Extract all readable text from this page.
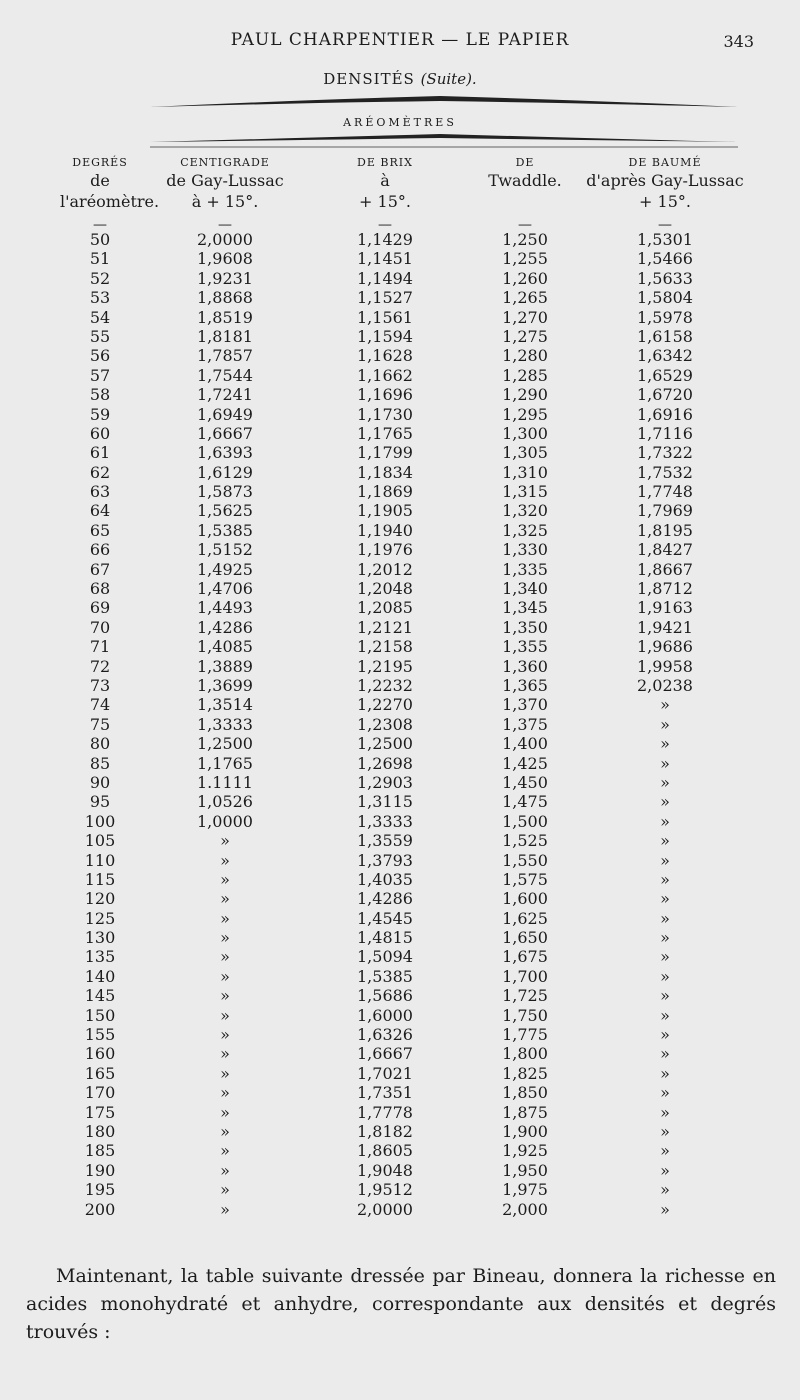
PAUL CHARPENTIER — LE PAPIER	343
DENSITÉS (Suite).
ARÉOMÈTRES
DEGRÉS
de
l'aréomètre.
CENTIGRADE
de Gay-Lussac
à + 15°.
DE BRIX
à
+ 15°.
DE
Twaddle.
DE BAUMÉ
d'après Gay-Lussac
+ 15°.
—	—	—	—	—
50	2,0000	1,1429	1,250	1,5301
51	1,9608	1,1451	1,255	1,5466
52	1,9231	1,1494	1,260	1,5633
53	1,8868	1,1527	1,265	1,5804
54	1,8519	1,1561	1,270	1,5978
55	1,8181	1,1594	1,275	1,6158
56	1,7857	1,1628	1,280	1,6342
57	1,7544	1,1662	1,285	1,6529
58	1,7241	1,1696	1,290	1,6720
59	1,6949	1,1730	1,295	1,6916
60	1,6667	1,1765	1,300	1,7116
61	1,6393	1,1799	1,305	1,7322
62	1,6129	1,1834	1,310	1,7532
63	1,5873	1,1869	1,315	1,7748
64	1,5625	1,1905	1,320	1,7969
65	1,5385	1,1940	1,325	1,8195
66	1,5152	1,1976	1,330	1,8427
67	1,4925	1,2012	1,335	1,8667
68	1,4706	1,2048	1,340	1,8712
69	1,4493	1,2085	1,345	1,9163
70	1,4286	1,2121	1,350	1,9421
71	1,4085	1,2158	1,355	1,9686
72	1,3889	1,2195	1,360	1,9958
73	1,3699	1,2232	1,365	2,0238
74	1,3514	1,2270	1,370	»
75	1,3333	1,2308	1,375	»
80	1,2500	1,2500	1,400	»
85	1,1765	1,2698	1,425	»
90	1.1111	1,2903	1,450	»
95	1,0526	1,3115	1,475	»
100	1,0000	1,3333	1,500	»
105	»	1,3559	1,525	»
110	»	1,3793	1,550	»
115	»	1,4035	1,575	»
120	»	1,4286	1,600	»
125	»	1,4545	1,625	»
130	»	1,4815	1,650	»
135	»	1,5094	1,675	»
140	»	1,5385	1,700	»
145	»	1,5686	1,725	»
150	»	1,6000	1,750	»
155	»	1,6326	1,775	»
160	»	1,6667	1,800	»
165	»	1,7021	1,825	»
170	»	1,7351	1,850	»
175	»	1,7778	1,875	»
180	»	1,8182	1,900	»
185	»	1,8605	1,925	»
190	»	1,9048	1,950	»
195	»	1,9512	1,975	»
200	»	2,0000	2,000	»
Maintenant, la table suivante dressée par Bineau, donnera la richesse en acides monohydraté et anhydre, correspondante aux densités et degrés trouvés :
